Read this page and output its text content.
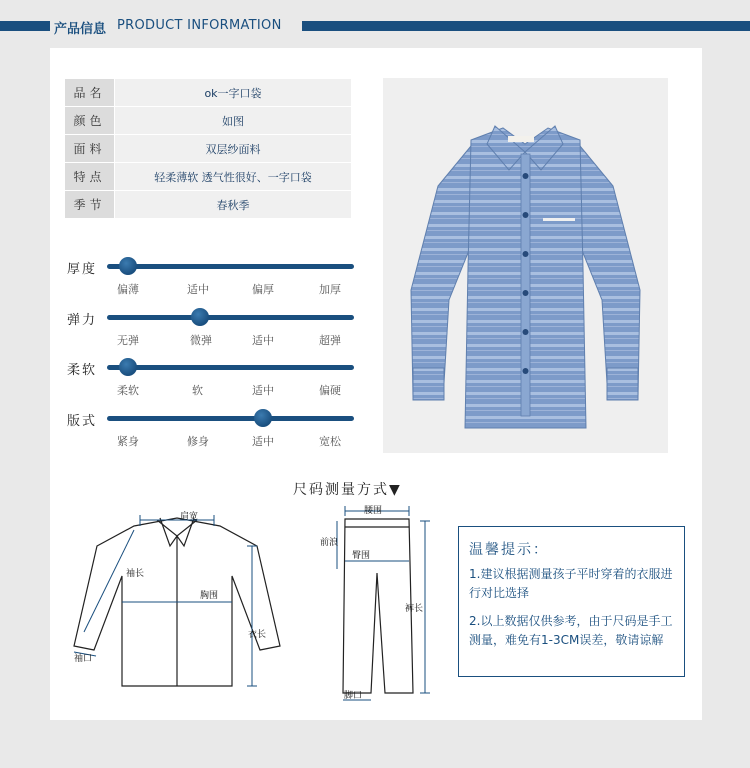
产品信息 PRODUCT INFORMATION
品名	ok一字口袋
颜色	如图
面料	双层纱面料
特点	轻柔薄软 透气性很好、一字口袋
季节	春秋季
厚度
偏薄	适中	偏厚	加厚
弹力
无弹	微弹	适中	超弹
柔软
柔软	软	适中	偏硬
版式
紧身	修身	适中	宽松
尺码测量方式▼
肩宽
袖长
胸围
衣长
袖口
腰围
前浪
臀围
裤长
脚口
温馨提示：
1.建议根据测量孩子平时穿着的衣服进行对比选择
2.以上数据仅供参考，由于尺码是手工测量，难免有1-3CM误差，敬请谅解
